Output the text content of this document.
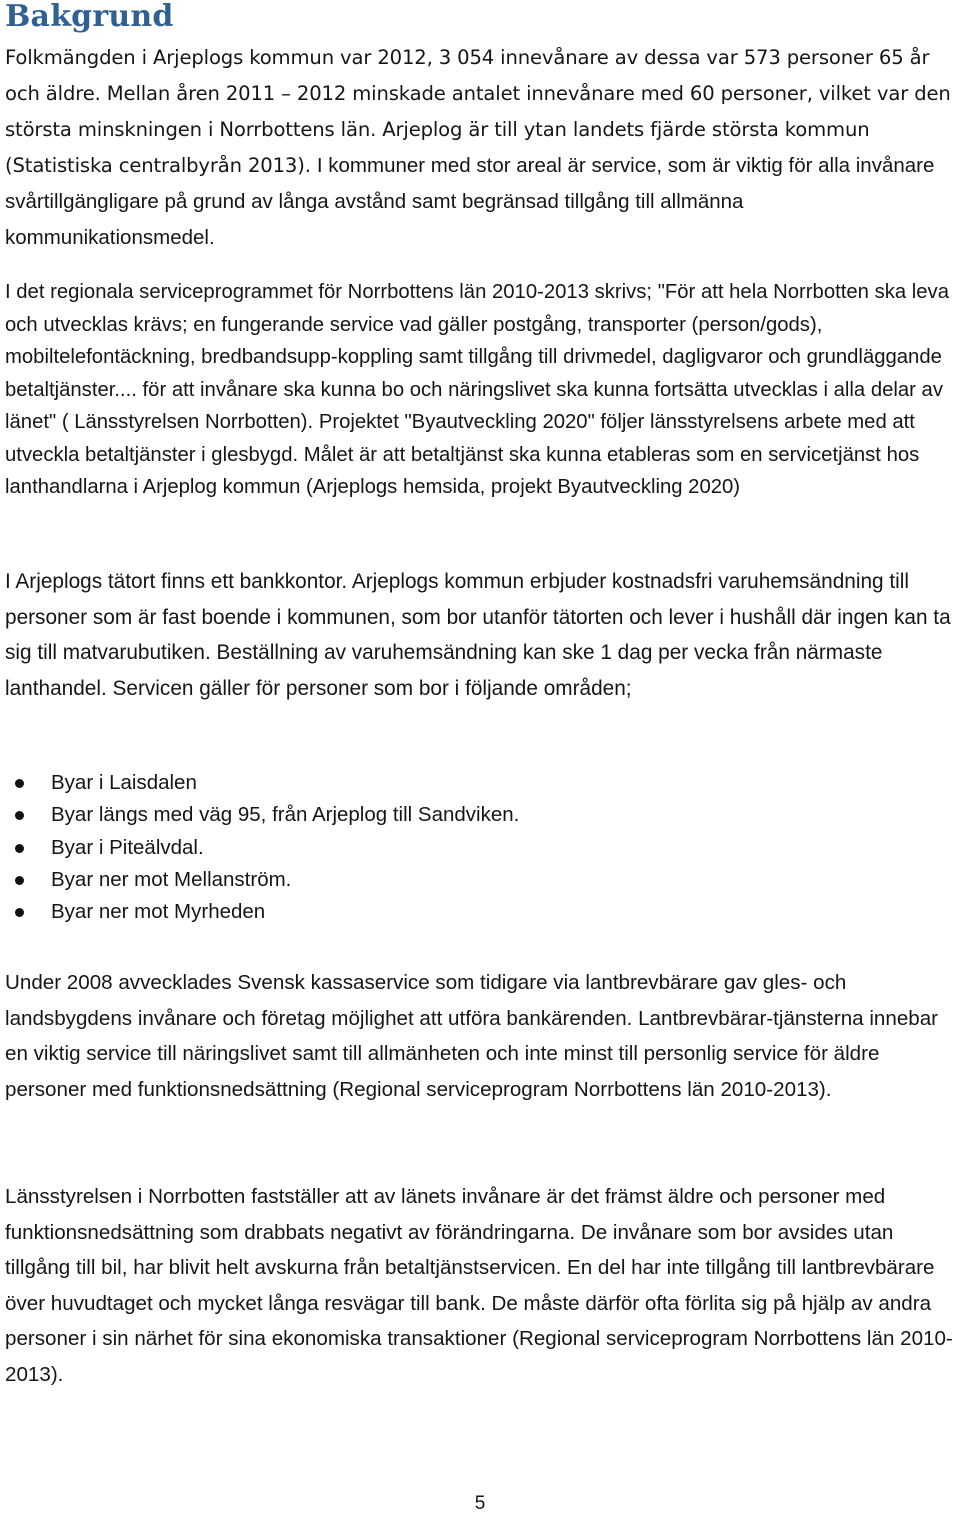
Bakgrund

Folkmängden i Arjeplogs kommun var 2012, 3 054 innevånare av dessa var 573 personer 65 år och äldre. Mellan åren 2011 – 2012 minskade antalet innevånare med 60 personer, vilket var den största minskningen i Norrbottens län. Arjeplog är till ytan landets fjärde största kommun (Statistiska centralbyrån 2013). I kommuner med stor areal är service, som är viktig för alla invånare svårtillgängligare på grund av långa avstånd samt begränsad tillgång till allmänna kommunikationsmedel.

I det regionala serviceprogrammet för Norrbottens län 2010-2013 skrivs; "För att hela Norrbotten ska leva och utvecklas krävs; en fungerande service vad gäller postgång, transporter (person/gods), mobiltelefontäckning, bredbandsupp-koppling samt tillgång till drivmedel, dagligvaror och grundläggande betaltjänster.... för att invånare ska kunna bo och näringslivet ska kunna fortsätta utvecklas i alla delar av länet" ( Länsstyrelsen Norrbotten). Projektet "Byautveckling 2020" följer länsstyrelsens arbete med att utveckla betaltjänster i glesbygd. Målet är att betaltjänst ska kunna etableras som en servicetjänst hos lanthandlarna i Arjeplog kommun (Arjeplogs hemsida, projekt Byautveckling 2020)

I Arjeplogs tätort finns ett bankkontor. Arjeplogs kommun erbjuder kostnadsfri varuhemsändning till personer som är fast boende i kommunen, som bor utanför tätorten och lever i hushåll där ingen kan ta sig till matvarubutiken. Beställning av varuhemsändning kan ske 1 dag per vecka från närmaste lanthandel. Servicen gäller för personer som bor i följande områden;

Byar i Laisdalen
Byar längs med väg 95, från Arjeplog till Sandviken.
Byar i Piteälvdal.
Byar ner mot Mellanström.
Byar ner mot Myrheden

Under 2008 avvecklades Svensk kassaservice som tidigare via lantbrevbärare gav gles- och landsbygdens invånare och företag möjlighet att utföra bankärenden. Lantbrevbärar-tjänsterna innebar en viktig service till näringslivet samt till allmänheten och inte minst till personlig service för äldre personer med funktionsnedsättning (Regional serviceprogram Norrbottens län 2010-2013).

Länsstyrelsen i Norrbotten fastställer att av länets invånare är det främst äldre och personer med funktionsnedsättning som drabbats negativt av förändringarna. De invånare som bor avsides utan tillgång till bil, har blivit helt avskurna från betaltjänstservicen. En del har inte tillgång till lantbrevbärare över huvudtaget och mycket långa resvägar till bank. De måste därför ofta förlita sig på hjälp av andra personer i sin närhet för sina ekonomiska transaktioner (Regional serviceprogram Norrbottens län 2010-2013).

5
